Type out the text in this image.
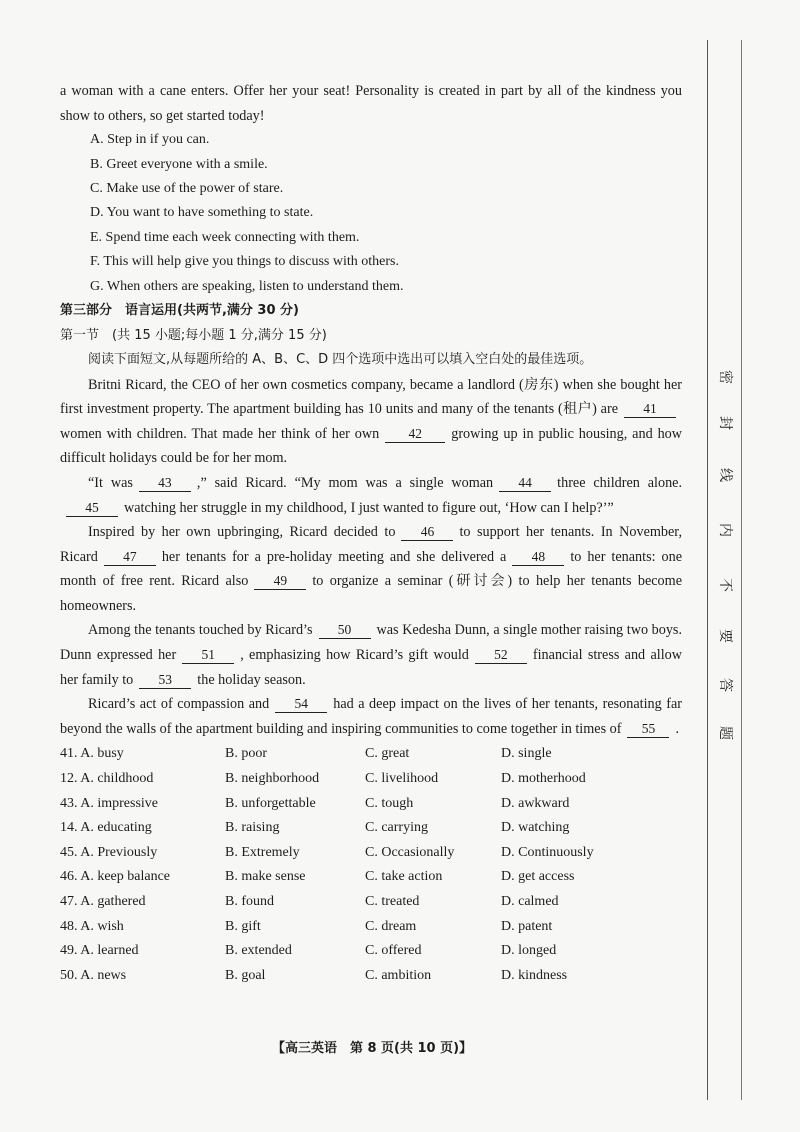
a woman with a cane enters. Offer her your seat! Personality is created in part by all of the kindness you show to others, so get started today!

A. Step in if you can.

B. Greet everyone with a smile.

C. Make use of the power of stare.

D. You want to have something to state.

E. Spend time each week connecting with them.

F. This will help give you things to discuss with others.

G. When others are speaking, listen to understand them.

第三部分　语言运用(共两节,满分 30 分)

第一节　(共 15 小题;每小题 1 分,满分 15 分)

阅读下面短文,从每题所给的 A、B、C、D 四个选项中选出可以填入空白处的最佳选项。

Britni Ricard, the CEO of her own cosmetics company, became a landlord (房东) when she bought her first investment property. The apartment building has 10 units and many of the tenants (租户) are 41women with children. That made her think of her own 42 growing up in public housing, and how difficult holidays could be for her mom.

“It was 43 ,” said Ricard. “My mom was a single woman 44 three children alone.45 watching her struggle in my childhood, I just wanted to figure out, ‘How can I help?’”

Inspired by her own upbringing, Ricard decided to 46 to support her tenants. In November, Ricard 47 her tenants for a pre-holiday meeting and she delivered a 48 to her tenants: one month of free rent. Ricard also 49 to organize a seminar (研讨会) to help her tenants become homeowners.

Among the tenants touched by Ricard’s 50 was Kedesha Dunn, a single mother raising two boys. Dunn expressed her 51 , emphasizing how Ricard’s gift would 52 financial stress and allow her family to 53 the holiday season.

Ricard’s act of compassion and 54 had a deep impact on the lives of her tenants, resonating far beyond the walls of the apartment building and inspiring communities to come together in times of 55 .

41. A. busy	B. poor	C. great	D. single
12. A. childhood	B. neighborhood	C. livelihood	D. motherhood
43. A. impressive	B. unforgettable	C. tough	D. awkward
14. A. educating	B. raising	C. carrying	D. watching
45. A. Previously	B. Extremely	C. Occasionally	D. Continuously
46. A. keep balance	B. make sense	C. take action	D. get access
47. A. gathered	B. found	C. treated	D. calmed
48. A. wish	B. gift	C. dream	D. patent
49. A. learned	B. extended	C. offered	D. longed
50. A. news	B. goal	C. ambition	D. kindness
【高三英语　第 8 页(共 10 页)】
密
封
线
内
不
要
答
题
